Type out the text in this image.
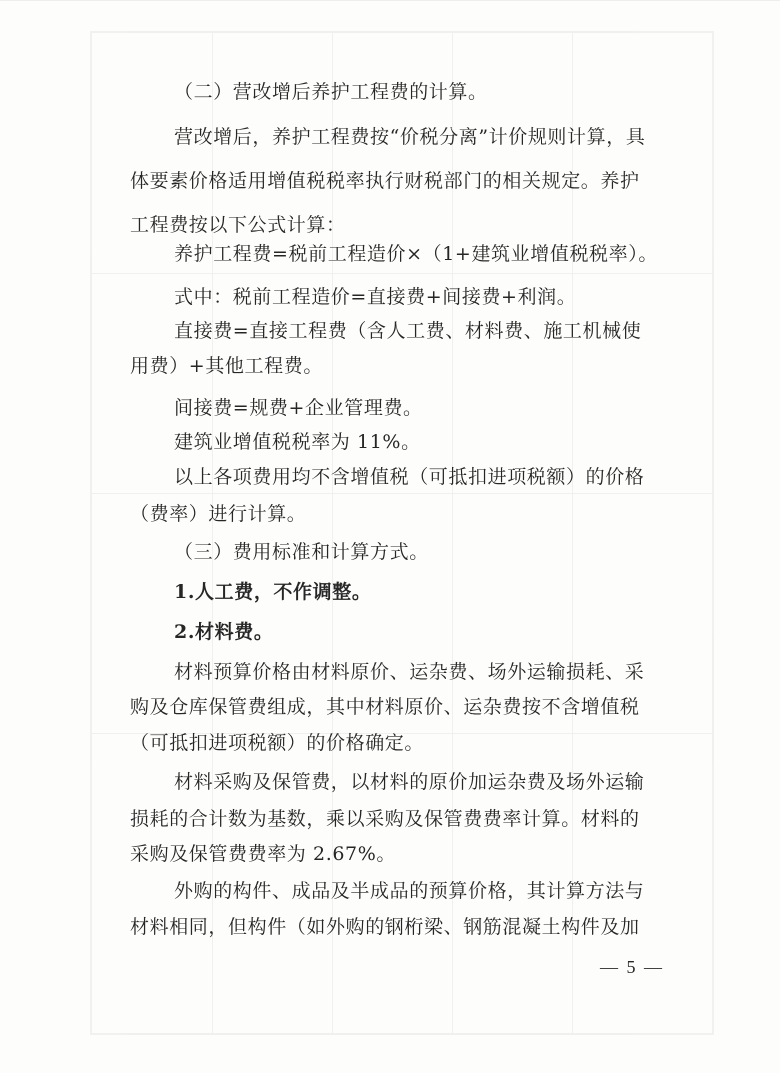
（二）营改增后养护工程费的计算。
营改增后，养护工程费按“价税分离”计价规则计算，具
体要素价格适用增值税税率执行财税部门的相关规定。养护
工程费按以下公式计算：
养护工程费=税前工程造价×（1+建筑业增值税税率）。
式中：税前工程造价=直接费+间接费+利润。
直接费=直接工程费（含人工费、材料费、施工机械使
用费）+其他工程费。
间接费=规费+企业管理费。
建筑业增值税税率为 11%。
以上各项费用均不含增值税（可抵扣进项税额）的价格
（费率）进行计算。
（三）费用标准和计算方式。
1.人工费，不作调整。
2.材料费。
材料预算价格由材料原价、运杂费、场外运输损耗、采
购及仓库保管费组成，其中材料原价、运杂费按不含增值税
（可抵扣进项税额）的价格确定。
材料采购及保管费，以材料的原价加运杂费及场外运输
损耗的合计数为基数，乘以采购及保管费费率计算。材料的
采购及保管费费率为 2.67%。
外购的构件、成品及半成品的预算价格，其计算方法与
材料相同，但构件（如外购的钢桁梁、钢筋混凝土构件及加
— 5 —
